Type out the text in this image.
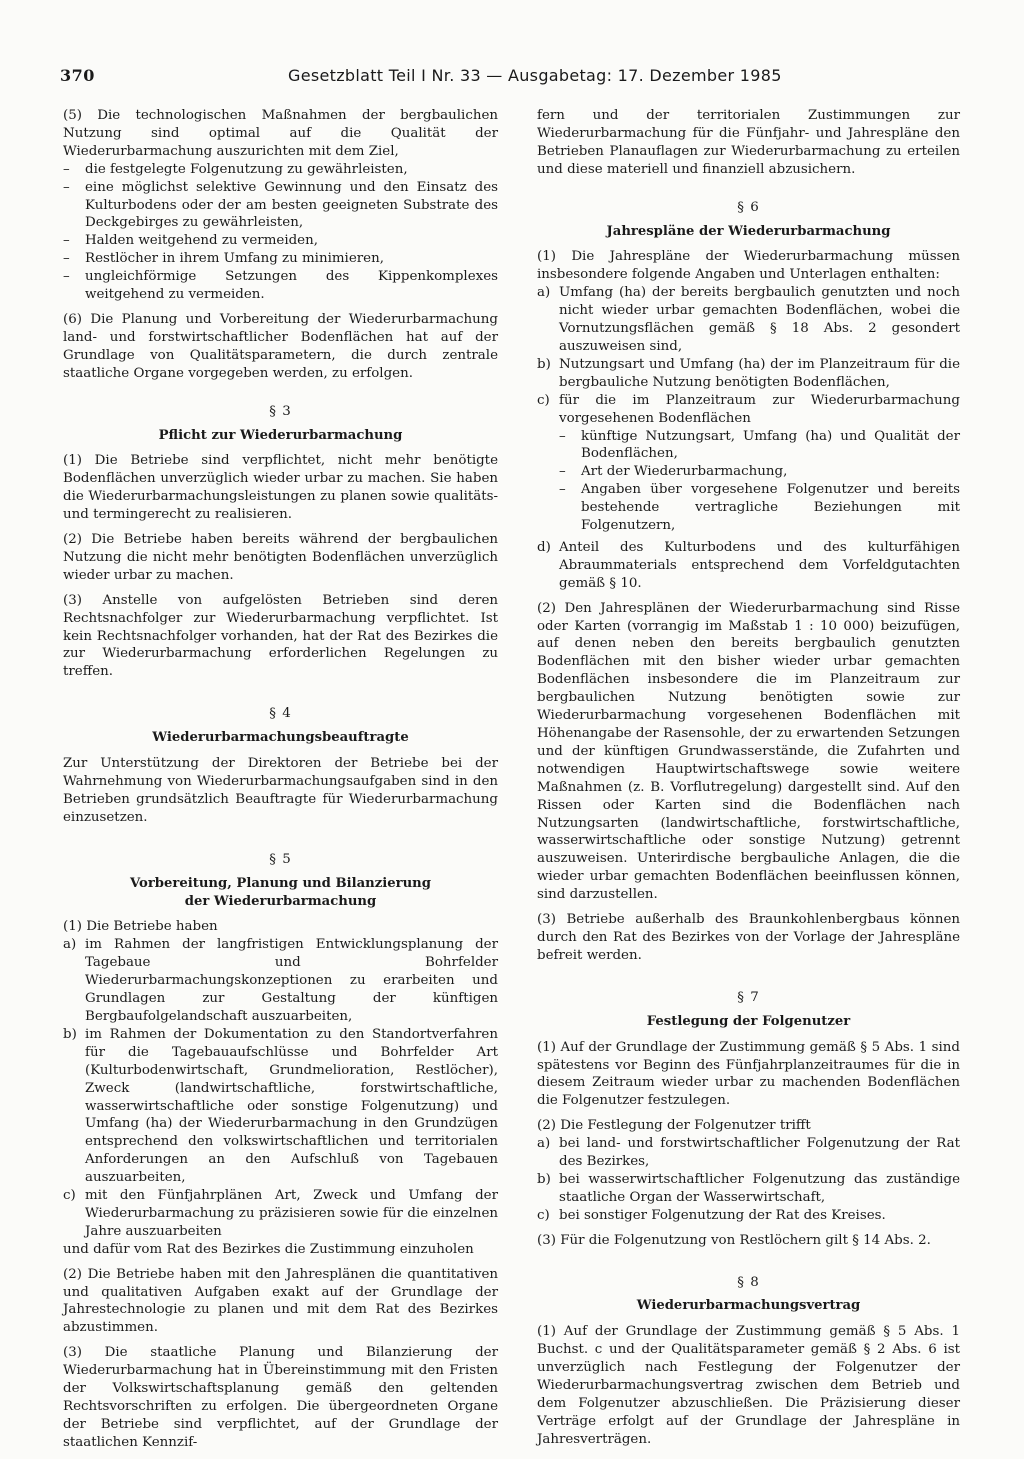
370	Gesetzblatt Teil I Nr. 33 — Ausgabetag: 17. Dezember 1985

(5) Die technologischen Maßnahmen der bergbaulichen Nutzung sind optimal auf die Qualität der Wiederurbarmachung auszurichten mit dem Ziel,

– die festgelegte Folgenutzung zu gewährleisten,

– eine möglichst selektive Gewinnung und den Einsatz des Kulturbodens oder der am besten geeigneten Substrate des Deckgebirges zu gewährleisten,

– Halden weitgehend zu vermeiden,

– Restlöcher in ihrem Umfang zu minimieren,

– ungleichförmige Setzungen des Kippenkomplexes weitgehend zu vermeiden.

(6) Die Planung und Vorbereitung der Wiederurbarmachung land- und forstwirtschaftlicher Bodenflächen hat auf der Grundlage von Qualitätsparametern, die durch zentrale staatliche Organe vorgegeben werden, zu erfolgen.

§ 3
Pflicht zur Wiederurbarmachung

(1) Die Betriebe sind verpflichtet, nicht mehr benötigte Bodenflächen unverzüglich wieder urbar zu machen. Sie haben die Wiederurbarmachungsleistungen zu planen sowie qualitäts- und termingerecht zu realisieren.

(2) Die Betriebe haben bereits während der bergbaulichen Nutzung die nicht mehr benötigten Bodenflächen unverzüglich wieder urbar zu machen.

(3) Anstelle von aufgelösten Betrieben sind deren Rechtsnachfolger zur Wiederurbarmachung verpflichtet. Ist kein Rechtsnachfolger vorhanden, hat der Rat des Bezirkes die zur Wiederurbarmachung erforderlichen Regelungen zu treffen.

§ 4
Wiederurbarmachungsbeauftragte

Zur Unterstützung der Direktoren der Betriebe bei der Wahrnehmung von Wiederurbarmachungsaufgaben sind in den Betrieben grundsätzlich Beauftragte für Wiederurbarmachung einzusetzen.

§ 5
Vorbereitung, Planung und Bilanzierung
der Wiederurbarmachung

(1) Die Betriebe haben

a) im Rahmen der langfristigen Entwicklungsplanung der Tagebaue und Bohrfelder Wiederurbarmachungskonzeptionen zu erarbeiten und Grundlagen zur Gestaltung der künftigen Bergbaufolgelandschaft auszuarbeiten,

b) im Rahmen der Dokumentation zu den Standortverfahren für die Tagebauaufschlüsse und Bohrfelder Art (Kulturbodenwirtschaft, Grundmelioration, Restlöcher), Zweck (landwirtschaftliche, forstwirtschaftliche, wasserwirtschaftliche oder sonstige Folgenutzung) und Umfang (ha) der Wiederurbarmachung in den Grundzügen entsprechend den volkswirtschaftlichen und territorialen Anforderungen an den Aufschluß von Tagebauen auszuarbeiten,

c) mit den Fünfjahrplänen Art, Zweck und Umfang der Wiederurbarmachung zu präzisieren sowie für die einzelnen Jahre auszuarbeiten

und dafür vom Rat des Bezirkes die Zustimmung einzuholen

(2) Die Betriebe haben mit den Jahresplänen die quantitativen und qualitativen Aufgaben exakt auf der Grundlage der Jahrestechnologie zu planen und mit dem Rat des Bezirkes abzustimmen.

(3) Die staatliche Planung und Bilanzierung der Wiederurbarmachung hat in Übereinstimmung mit den Fristen der Volkswirtschaftsplanung gemäß den geltenden Rechtsvorschriften zu erfolgen. Die übergeordneten Organe der Betriebe sind verpflichtet, auf der Grundlage der staatlichen Kennzif-

fern und der territorialen Zustimmungen zur Wiederurbarmachung für die Fünfjahr- und Jahrespläne den Betrieben Planauflagen zur Wiederurbarmachung zu erteilen und diese materiell und finanziell abzusichern.

§ 6
Jahrespläne der Wiederurbarmachung

(1) Die Jahrespläne der Wiederurbarmachung müssen insbesondere folgende Angaben und Unterlagen enthalten:

a) Umfang (ha) der bereits bergbaulich genutzten und noch nicht wieder urbar gemachten Bodenflächen, wobei die Vornutzungsflächen gemäß § 18 Abs. 2 gesondert auszuweisen sind,

b) Nutzungsart und Umfang (ha) der im Planzeitraum für die bergbauliche Nutzung benötigten Bodenflächen,

c) für die im Planzeitraum zur Wiederurbarmachung vorgesehenen Bodenflächen

– künftige Nutzungsart, Umfang (ha) und Qualität der Bodenflächen,

– Art der Wiederurbarmachung,

– Angaben über vorgesehene Folgenutzer und bereits bestehende vertragliche Beziehungen mit Folgenutzern,

d) Anteil des Kulturbodens und des kulturfähigen Abraummaterials entsprechend dem Vorfeldgutachten gemäß § 10.

(2) Den Jahresplänen der Wiederurbarmachung sind Risse oder Karten (vorrangig im Maßstab 1 : 10 000) beizufügen, auf denen neben den bereits bergbaulich genutzten Bodenflächen mit den bisher wieder urbar gemachten Bodenflächen insbesondere die im Planzeitraum zur bergbaulichen Nutzung benötigten sowie zur Wiederurbarmachung vorgesehenen Bodenflächen mit Höhenangabe der Rasensohle, der zu erwartenden Setzungen und der künftigen Grundwasserstände, die Zufahrten und notwendigen Hauptwirtschaftswege sowie weitere Maßnahmen (z. B. Vorflutregelung) dargestellt sind. Auf den Rissen oder Karten sind die Bodenflächen nach Nutzungsarten (landwirtschaftliche, forstwirtschaftliche, wasserwirtschaftliche oder sonstige Nutzung) getrennt auszuweisen. Unterirdische bergbauliche Anlagen, die die wieder urbar gemachten Bodenflächen beeinflussen können, sind darzustellen.

(3) Betriebe außerhalb des Braunkohlenbergbaus können durch den Rat des Bezirkes von der Vorlage der Jahrespläne befreit werden.

§ 7
Festlegung der Folgenutzer

(1) Auf der Grundlage der Zustimmung gemäß § 5 Abs. 1 sind spätestens vor Beginn des Fünfjahrplanzeitraumes für die in diesem Zeitraum wieder urbar zu machenden Bodenflächen die Folgenutzer festzulegen.

(2) Die Festlegung der Folgenutzer trifft

a) bei land- und forstwirtschaftlicher Folgenutzung der Rat des Bezirkes,

b) bei wasserwirtschaftlicher Folgenutzung das zuständige staatliche Organ der Wasserwirtschaft,

c) bei sonstiger Folgenutzung der Rat des Kreises.

(3) Für die Folgenutzung von Restlöchern gilt § 14 Abs. 2.

§ 8
Wiederurbarmachungsvertrag

(1) Auf der Grundlage der Zustimmung gemäß § 5 Abs. 1 Buchst. c und der Qualitätsparameter gemäß § 2 Abs. 6 ist unverzüglich nach Festlegung der Folgenutzer der Wiederurbarmachungsvertrag zwischen dem Betrieb und dem Folgenutzer abzuschließen. Die Präzisierung dieser Verträge erfolgt auf der Grundlage der Jahrespläne in Jahresverträgen.
